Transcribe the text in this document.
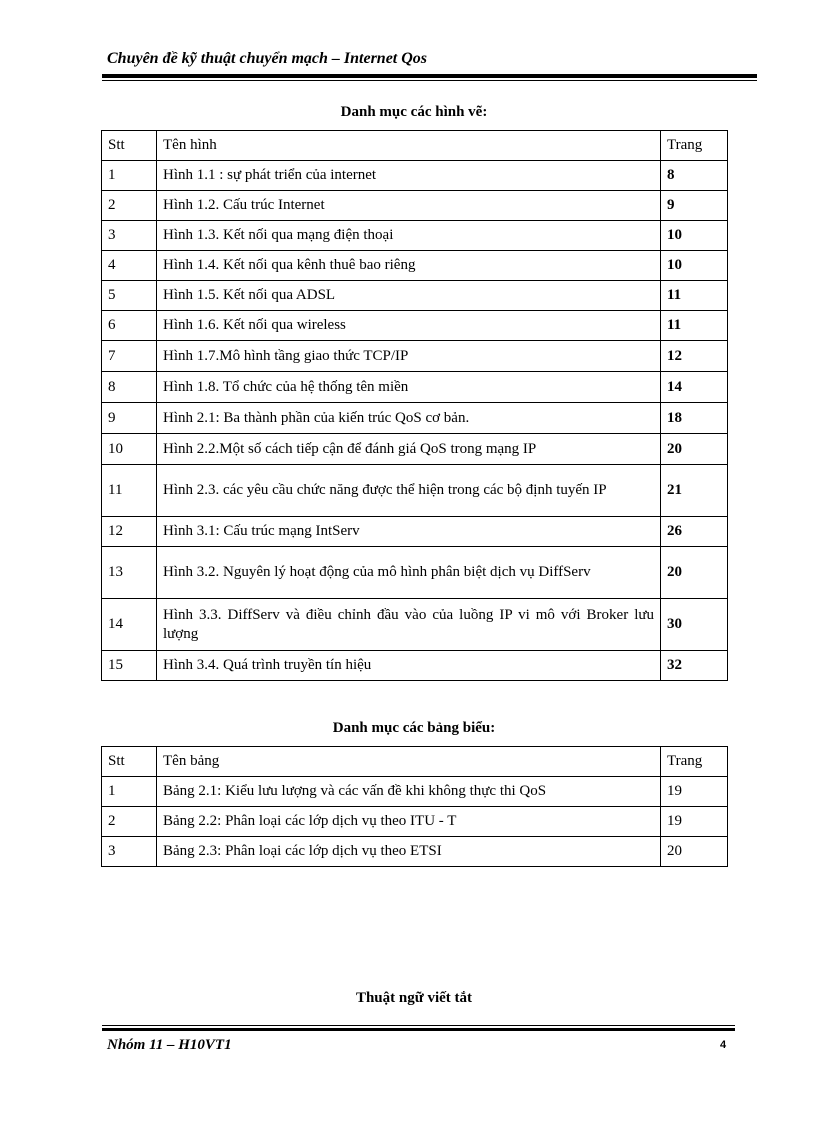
Chuyên đề kỹ thuật chuyển mạch – Internet Qos
Danh mục các hình vẽ:
Stt	Tên hình	Trang
1	Hình 1.1 : sự phát triển của internet	8
2	Hình 1.2. Cấu trúc Internet	9
3	Hình 1.3. Kết nối qua mạng điện thoại	10
4	Hình 1.4. Kết nối qua kênh thuê bao riêng	10
5	Hình 1.5. Kết nối qua ADSL	11
6	Hình 1.6. Kết nối qua wireless	11
7	Hình 1.7.Mô hình tầng giao thức TCP/IP	12
8	Hình 1.8. Tổ chức của hệ thống tên miền	14
9	Hình 2.1: Ba thành phần của kiến trúc QoS cơ bản.	18
10	Hình 2.2.Một số cách tiếp cận để đánh giá QoS trong mạng IP	20
11	Hình 2.3. các yêu cầu chức năng được thể hiện trong các bộ định tuyến IP	21
12	Hình 3.1: Cấu trúc mạng IntServ	26
13	Hình 3.2. Nguyên lý hoạt động của mô hình phân biệt dịch vụ DiffServ	20
14	Hình 3.3. DiffServ và điều chỉnh đầu vào của luồng IP vi mô với Broker lưu lượng	30
15	Hình 3.4. Quá trình truyền tín hiệu	32
Danh mục các bảng biểu:
Stt	Tên bảng	Trang
1	Bảng 2.1: Kiểu lưu lượng và các vấn đề khi không thực thi QoS	19
2	Bảng 2.2: Phân loại các lớp dịch vụ theo ITU - T	19
3	Bảng 2.3: Phân loại các lớp dịch vụ theo ETSI	20
Thuật ngữ viết tắt
Nhóm 11 – H10VT1	4
